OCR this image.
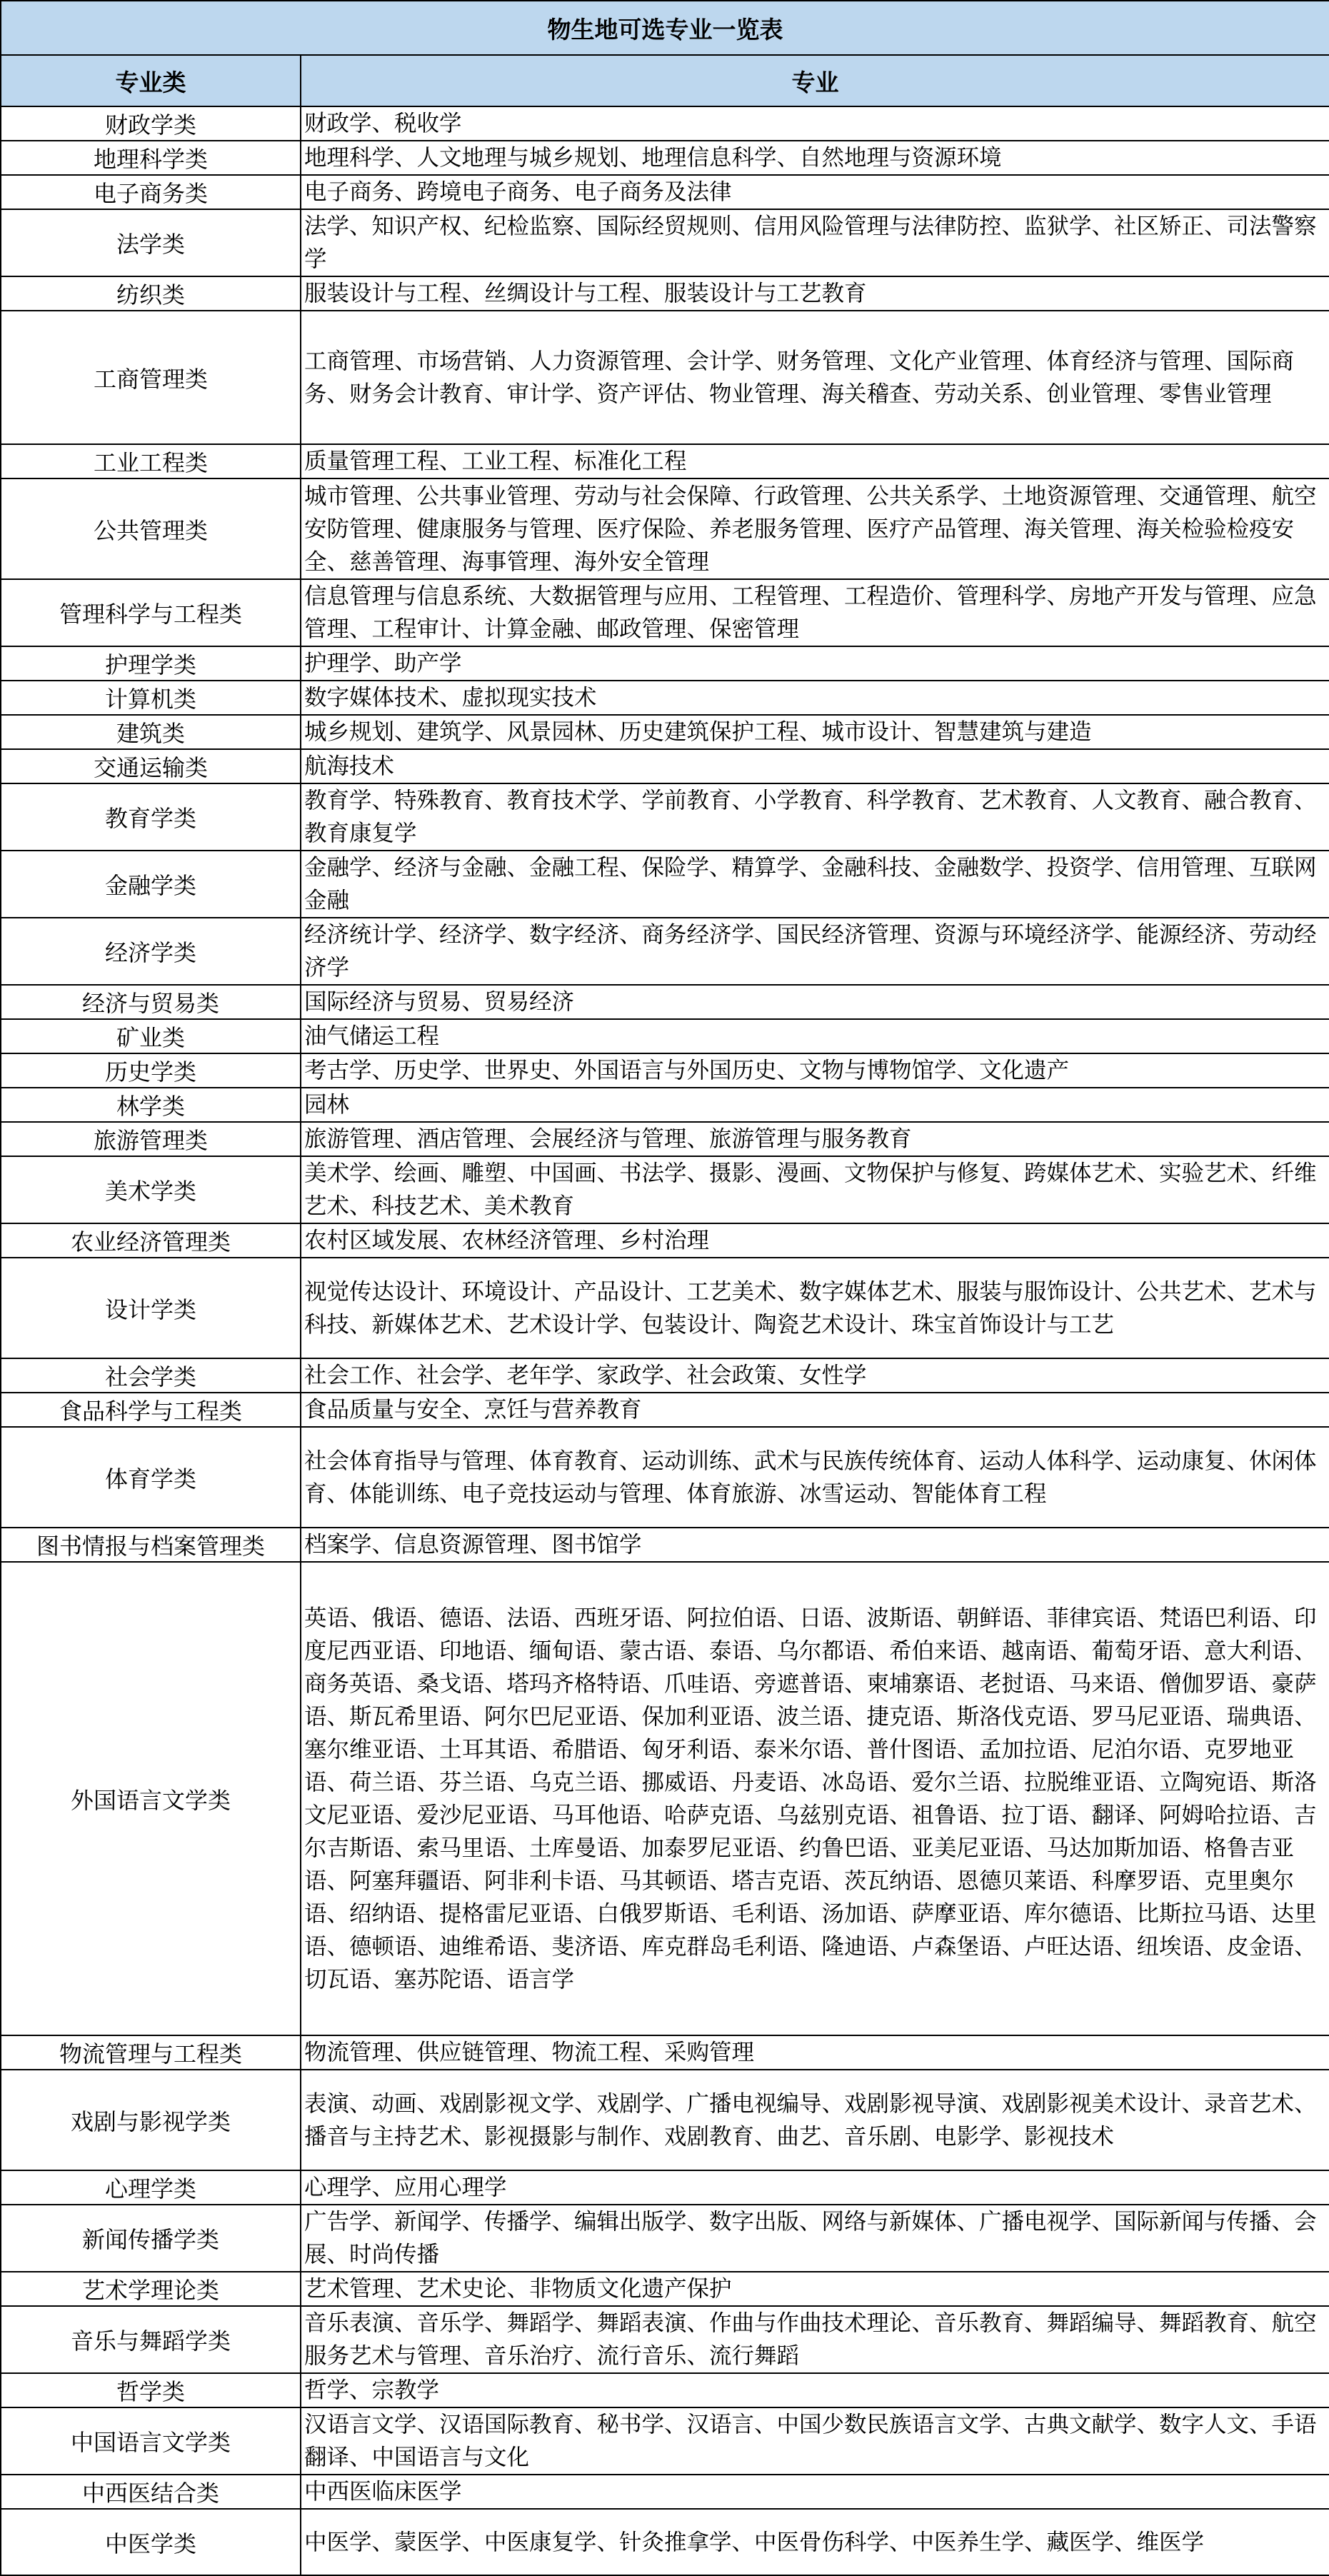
物生地可选专业一览表	
专业类	专业
财政学类	财政学、税收学
地理科学类	地理科学、人文地理与城乡规划、地理信息科学、自然地理与资源环境
电子商务类	电子商务、跨境电子商务、电子商务及法律
法学类	法学、知识产权、纪检监察、国际经贸规则、信用风险管理与法律防控、监狱学、社区矫正、司法警察学
纺织类	服装设计与工程、丝绸设计与工程、服装设计与工艺教育
工商管理类	工商管理、市场营销、人力资源管理、会计学、财务管理、文化产业管理、体育经济与管理、国际商务、财务会计教育、审计学、资产评估、物业管理、海关稽查、劳动关系、创业管理、零售业管理
工业工程类	质量管理工程、工业工程、标准化工程
公共管理类	城市管理、公共事业管理、劳动与社会保障、行政管理、公共关系学、土地资源管理、交通管理、航空安防管理、健康服务与管理、医疗保险、养老服务管理、医疗产品管理、海关管理、海关检验检疫安全、慈善管理、海事管理、海外安全管理
管理科学与工程类	信息管理与信息系统、大数据管理与应用、工程管理、工程造价、管理科学、房地产开发与管理、应急管理、工程审计、计算金融、邮政管理、保密管理
护理学类	护理学、助产学
计算机类	数字媒体技术、虚拟现实技术
建筑类	城乡规划、建筑学、风景园林、历史建筑保护工程、城市设计、智慧建筑与建造
交通运输类	航海技术
教育学类	教育学、特殊教育、教育技术学、学前教育、小学教育、科学教育、艺术教育、人文教育、融合教育、教育康复学
金融学类	金融学、经济与金融、金融工程、保险学、精算学、金融科技、金融数学、投资学、信用管理、互联网金融
经济学类	经济统计学、经济学、数字经济、商务经济学、国民经济管理、资源与环境经济学、能源经济、劳动经济学
经济与贸易类	国际经济与贸易、贸易经济
矿业类	油气储运工程
历史学类	考古学、历史学、世界史、外国语言与外国历史、文物与博物馆学、文化遗产
林学类	园林
旅游管理类	旅游管理、酒店管理、会展经济与管理、旅游管理与服务教育
美术学类	美术学、绘画、雕塑、中国画、书法学、摄影、漫画、文物保护与修复、跨媒体艺术、实验艺术、纤维艺术、科技艺术、美术教育
农业经济管理类	农村区域发展、农林经济管理、乡村治理
设计学类	视觉传达设计、环境设计、产品设计、工艺美术、数字媒体艺术、服装与服饰设计、公共艺术、艺术与科技、新媒体艺术、艺术设计学、包装设计、陶瓷艺术设计、珠宝首饰设计与工艺
社会学类	社会工作、社会学、老年学、家政学、社会政策、女性学
食品科学与工程类	食品质量与安全、烹饪与营养教育
体育学类	社会体育指导与管理、体育教育、运动训练、武术与民族传统体育、运动人体科学、运动康复、休闲体育、体能训练、电子竞技运动与管理、体育旅游、冰雪运动、智能体育工程
图书情报与档案管理类	档案学、信息资源管理、图书馆学
外国语言文学类	英语、俄语、德语、法语、西班牙语、阿拉伯语、日语、波斯语、朝鲜语、菲律宾语、梵语巴利语、印度尼西亚语、印地语、缅甸语、蒙古语、泰语、乌尔都语、希伯来语、越南语、葡萄牙语、意大利语、商务英语、桑戈语、塔玛齐格特语、爪哇语、旁遮普语、柬埔寨语、老挝语、马来语、僧伽罗语、豪萨语、斯瓦希里语、阿尔巴尼亚语、保加利亚语、波兰语、捷克语、斯洛伐克语、罗马尼亚语、瑞典语、塞尔维亚语、土耳其语、希腊语、匈牙利语、泰米尔语、普什图语、孟加拉语、尼泊尔语、克罗地亚语、荷兰语、芬兰语、乌克兰语、挪威语、丹麦语、冰岛语、爱尔兰语、拉脱维亚语、立陶宛语、斯洛文尼亚语、爱沙尼亚语、马耳他语、哈萨克语、乌兹别克语、祖鲁语、拉丁语、翻译、阿姆哈拉语、吉尔吉斯语、索马里语、土库曼语、加泰罗尼亚语、约鲁巴语、亚美尼亚语、马达加斯加语、格鲁吉亚语、阿塞拜疆语、阿非利卡语、马其顿语、塔吉克语、茨瓦纳语、恩德贝莱语、科摩罗语、克里奥尔语、绍纳语、提格雷尼亚语、白俄罗斯语、毛利语、汤加语、萨摩亚语、库尔德语、比斯拉马语、达里语、德顿语、迪维希语、斐济语、库克群岛毛利语、隆迪语、卢森堡语、卢旺达语、纽埃语、皮金语、切瓦语、塞苏陀语、语言学
物流管理与工程类	物流管理、供应链管理、物流工程、采购管理
戏剧与影视学类	表演、动画、戏剧影视文学、戏剧学、广播电视编导、戏剧影视导演、戏剧影视美术设计、录音艺术、播音与主持艺术、影视摄影与制作、戏剧教育、曲艺、音乐剧、电影学、影视技术
心理学类	心理学、应用心理学
新闻传播学类	广告学、新闻学、传播学、编辑出版学、数字出版、网络与新媒体、广播电视学、国际新闻与传播、会展、时尚传播
艺术学理论类	艺术管理、艺术史论、非物质文化遗产保护
音乐与舞蹈学类	音乐表演、音乐学、舞蹈学、舞蹈表演、作曲与作曲技术理论、音乐教育、舞蹈编导、舞蹈教育、航空服务艺术与管理、音乐治疗、流行音乐、流行舞蹈
哲学类	哲学、宗教学
中国语言文学类	汉语言文学、汉语国际教育、秘书学、汉语言、中国少数民族语言文学、古典文献学、数字人文、手语翻译、中国语言与文化
中西医结合类	中西医临床医学
中医学类	中医学、蒙医学、中医康复学、针灸推拿学、中医骨伤科学、中医养生学、藏医学、维医学
